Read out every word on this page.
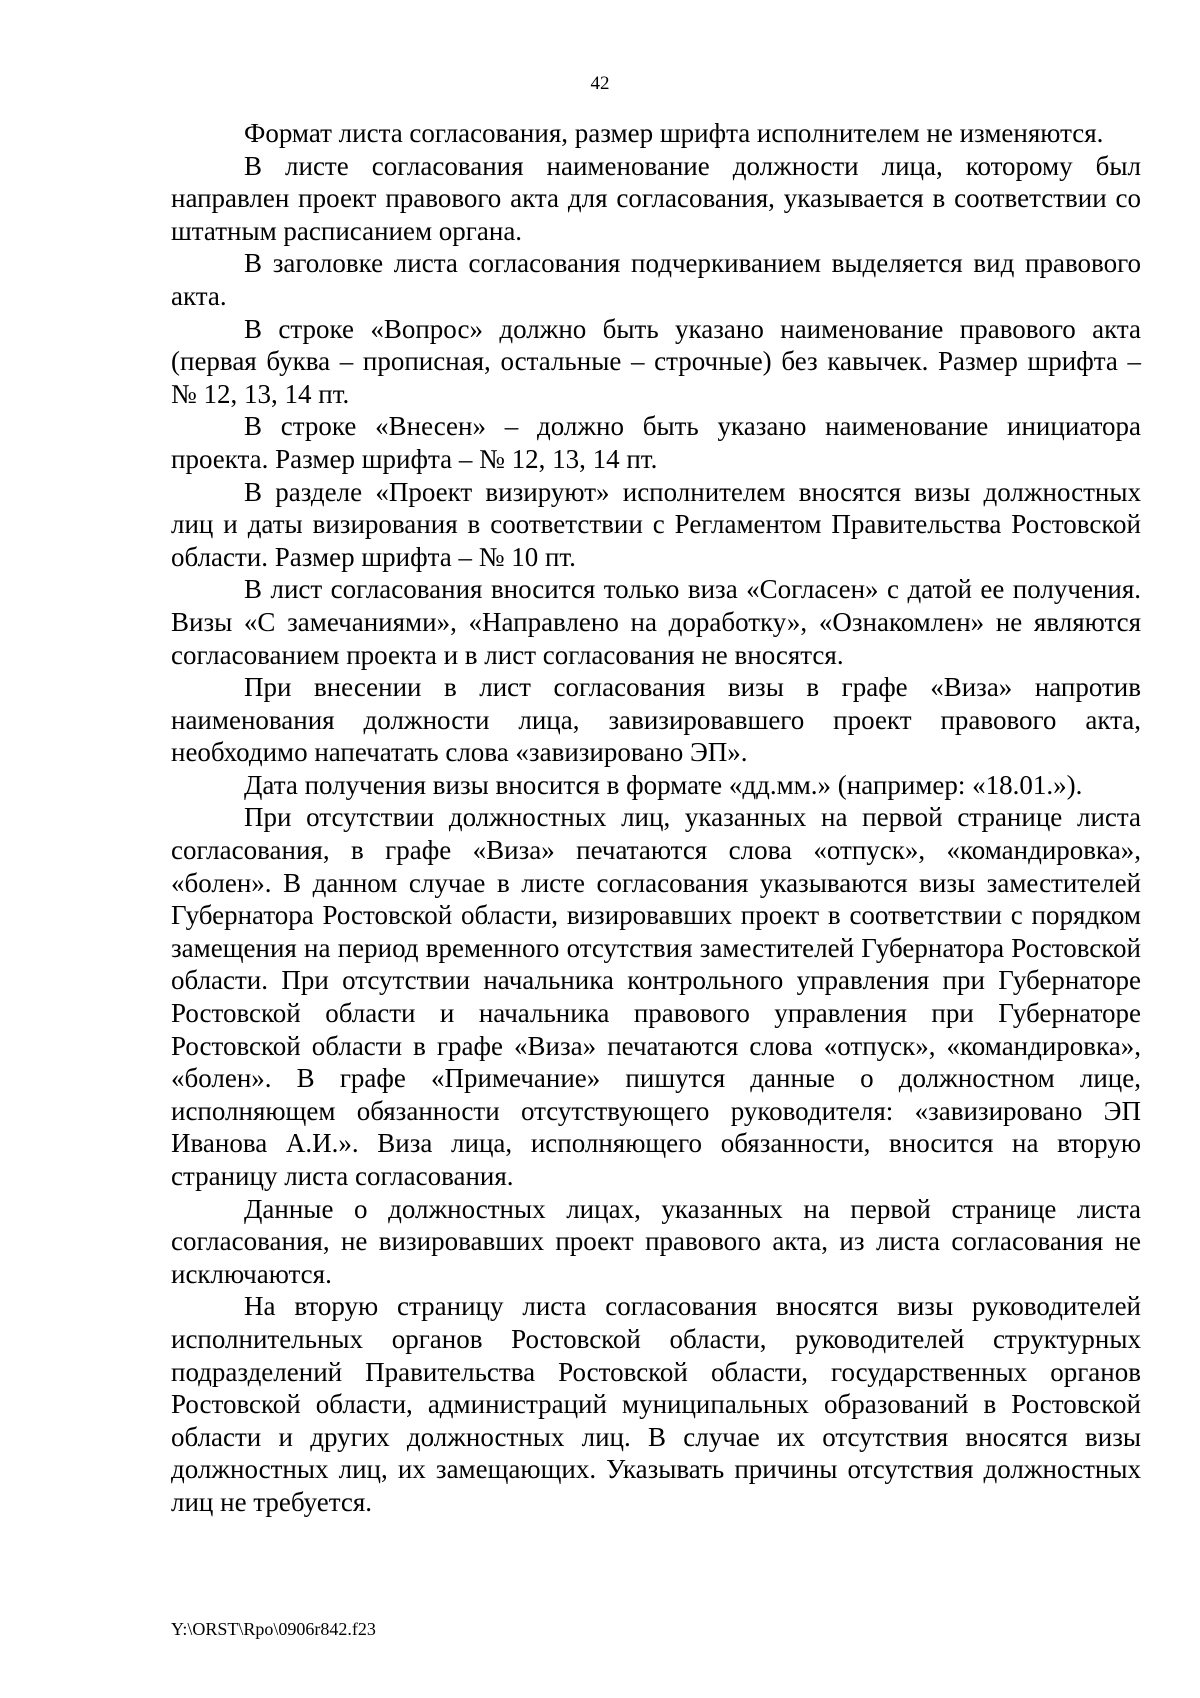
42

Формат листа согласования, размер шрифта исполнителем не изменяются.

В листе согласования наименование должности лица, которому был направлен проект правового акта для согласования, указывается в соответствии со штатным расписанием органа.

В заголовке листа согласования подчеркиванием выделяется вид правового акта.

В строке «Вопрос» должно быть указано наименование правового акта (первая буква – прописная, остальные – строчные) без кавычек. Размер шрифта – № 12, 13, 14 пт.

В строке «Внесен» – должно быть указано наименование инициатора проекта. Размер шрифта – № 12, 13, 14 пт.

В разделе «Проект визируют» исполнителем вносятся визы должностных лиц и даты визирования в соответствии с Регламентом Правительства Ростовской области. Размер шрифта – № 10 пт.

В лист согласования вносится только виза «Согласен» с датой ее получения. Визы «С замечаниями», «Направлено на доработку», «Ознакомлен» не являются согласованием проекта и в лист согласования не вносятся.

При внесении в лист согласования визы в графе «Виза» напротив наименования должности лица, завизировавшего проект правового акта, необходимо напечатать слова «завизировано ЭП».

Дата получения визы вносится в формате «дд.мм.» (например: «18.01.»).

При отсутствии должностных лиц, указанных на первой странице листа согласования, в графе «Виза» печатаются слова «отпуск», «командировка», «болен». В данном случае в листе согласования указываются визы заместителей Губернатора Ростовской области, визировавших проект в соответствии с порядком замещения на период временного отсутствия заместителей Губернатора Ростовской области. При отсутствии начальника контрольного управления при Губернаторе Ростовской области и начальника правового управления при Губернаторе Ростовской области в графе «Виза» печатаются слова «отпуск», «командировка», «болен». В графе «Примечание» пишутся данные о должностном лице, исполняющем обязанности отсутствующего руководителя: «завизировано ЭП Иванова А.И.». Виза лица, исполняющего обязанности, вносится на вторую страницу листа согласования.

Данные о должностных лицах, указанных на первой странице листа согласования, не визировавших проект правового акта, из листа согласования не исключаются.

На вторую страницу листа согласования вносятся визы руководителей исполнительных органов Ростовской области, руководителей структурных подразделений Правительства Ростовской области, государственных органов Ростовской области, администраций муниципальных образований в Ростовской области и других должностных лиц. В случае их отсутствия вносятся визы должностных лиц, их замещающих. Указывать причины отсутствия должностных лиц не требуется.

Y:\ORST\Rpo\0906r842.f23
